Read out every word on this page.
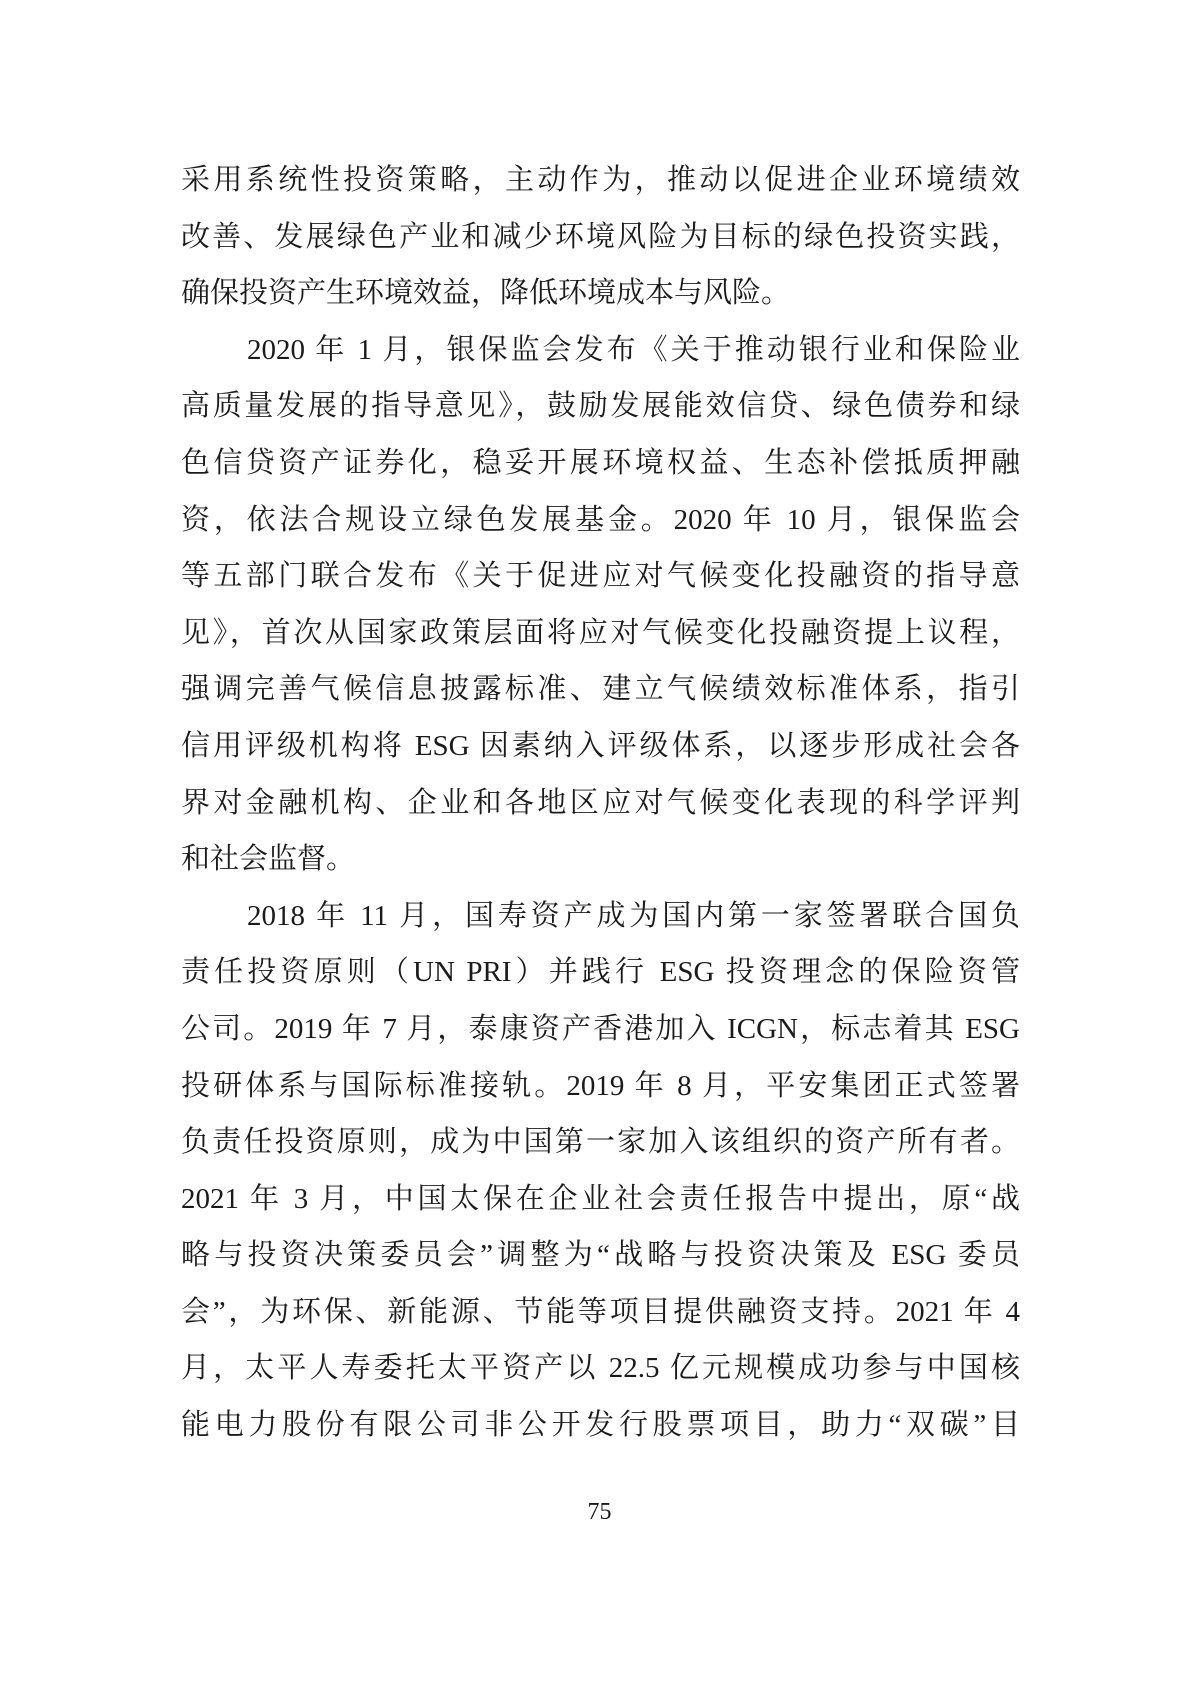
采用系统性投资策略，主动作为，推动以促进企业环境绩效
改善、发展绿色产业和减少环境风险为目标的绿色投资实践，
确保投资产生环境效益，降低环境成本与风险。
2020 年 1 月，银保监会发布《关于推动银行业和保险业
高质量发展的指导意见》，鼓励发展能效信贷、绿色债券和绿
色信贷资产证券化，稳妥开展环境权益、生态补偿抵质押融
资，依法合规设立绿色发展基金。2020 年 10 月，银保监会
等五部门联合发布《关于促进应对气候变化投融资的指导意
见》，首次从国家政策层面将应对气候变化投融资提上议程，
强调完善气候信息披露标准、建立气候绩效标准体系，指引
信用评级机构将 ESG 因素纳入评级体系，以逐步形成社会各
界对金融机构、企业和各地区应对气候变化表现的科学评判
和社会监督。
2018 年 11 月，国寿资产成为国内第一家签署联合国负
责任投资原则（UN PRI）并践行 ESG 投资理念的保险资管
公司。2019 年 7 月，泰康资产香港加入 ICGN，标志着其 ESG
投研体系与国际标准接轨。2019 年 8 月，平安集团正式签署
负责任投资原则，成为中国第一家加入该组织的资产所有者。
2021 年 3 月，中国太保在企业社会责任报告中提出，原“战
略与投资决策委员会”调整为“战略与投资决策及 ESG 委员
会”，为环保、新能源、节能等项目提供融资支持。2021 年 4
月，太平人寿委托太平资产以 22.5 亿元规模成功参与中国核
能电力股份有限公司非公开发行股票项目，助力“双碳”目
75
